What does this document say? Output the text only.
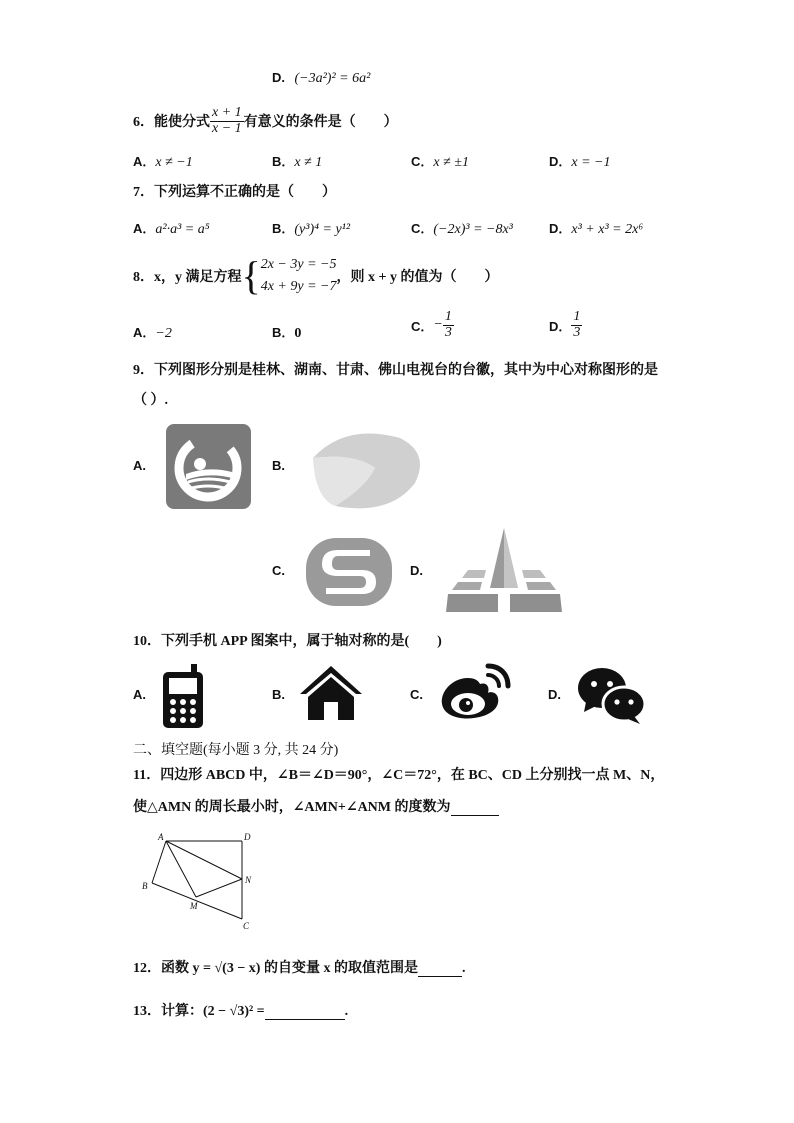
D. (−3a²)² = 6a²
6．能使分式 $\frac{x + 1}{x - 1}$ 有意义的条件是（　　）
A．x ≠ −1	B．x ≠ 1	C．x ≠ ±1	D．x = −1
7．下列运算不正确的是（　　）
A．a²·a³ = a⁵	B．(y³)⁴ = y¹²	C．(−2x)³ = −8x³	D．x³ + x³ = 2x⁶
8．x，y 满足方程 { 2x − 3y = −5
4x + 9y = −7
，则 x + y 的值为（　　）
A．−2	B．0	C． − $\frac{1}{3}$	D． $\frac{1}{3}$
9．下列图形分别是桂林、湖南、甘肃、佛山电视台的台徽，其中为中心对称图形的是
（ ）.
A.	B.
C.	D.
10．下列手机 APP 图案中，属于轴对称的是(　　)
A.	B.	C.	D.
二、填空题(每小题 3 分, 共 24 分)
11．四边形 ABCD 中，∠B＝∠D＝90°，∠C＝72°，在 BC、CD 上分别找一点 M、N，
使△AMN 的周长最小时，∠AMN+∠ANM 的度数为
A	D
B
N
M
C
12．函数 y = √(3 − x) 的自变量 x 的取值范围是	.
13．计算：(2 − √3)² =	.
